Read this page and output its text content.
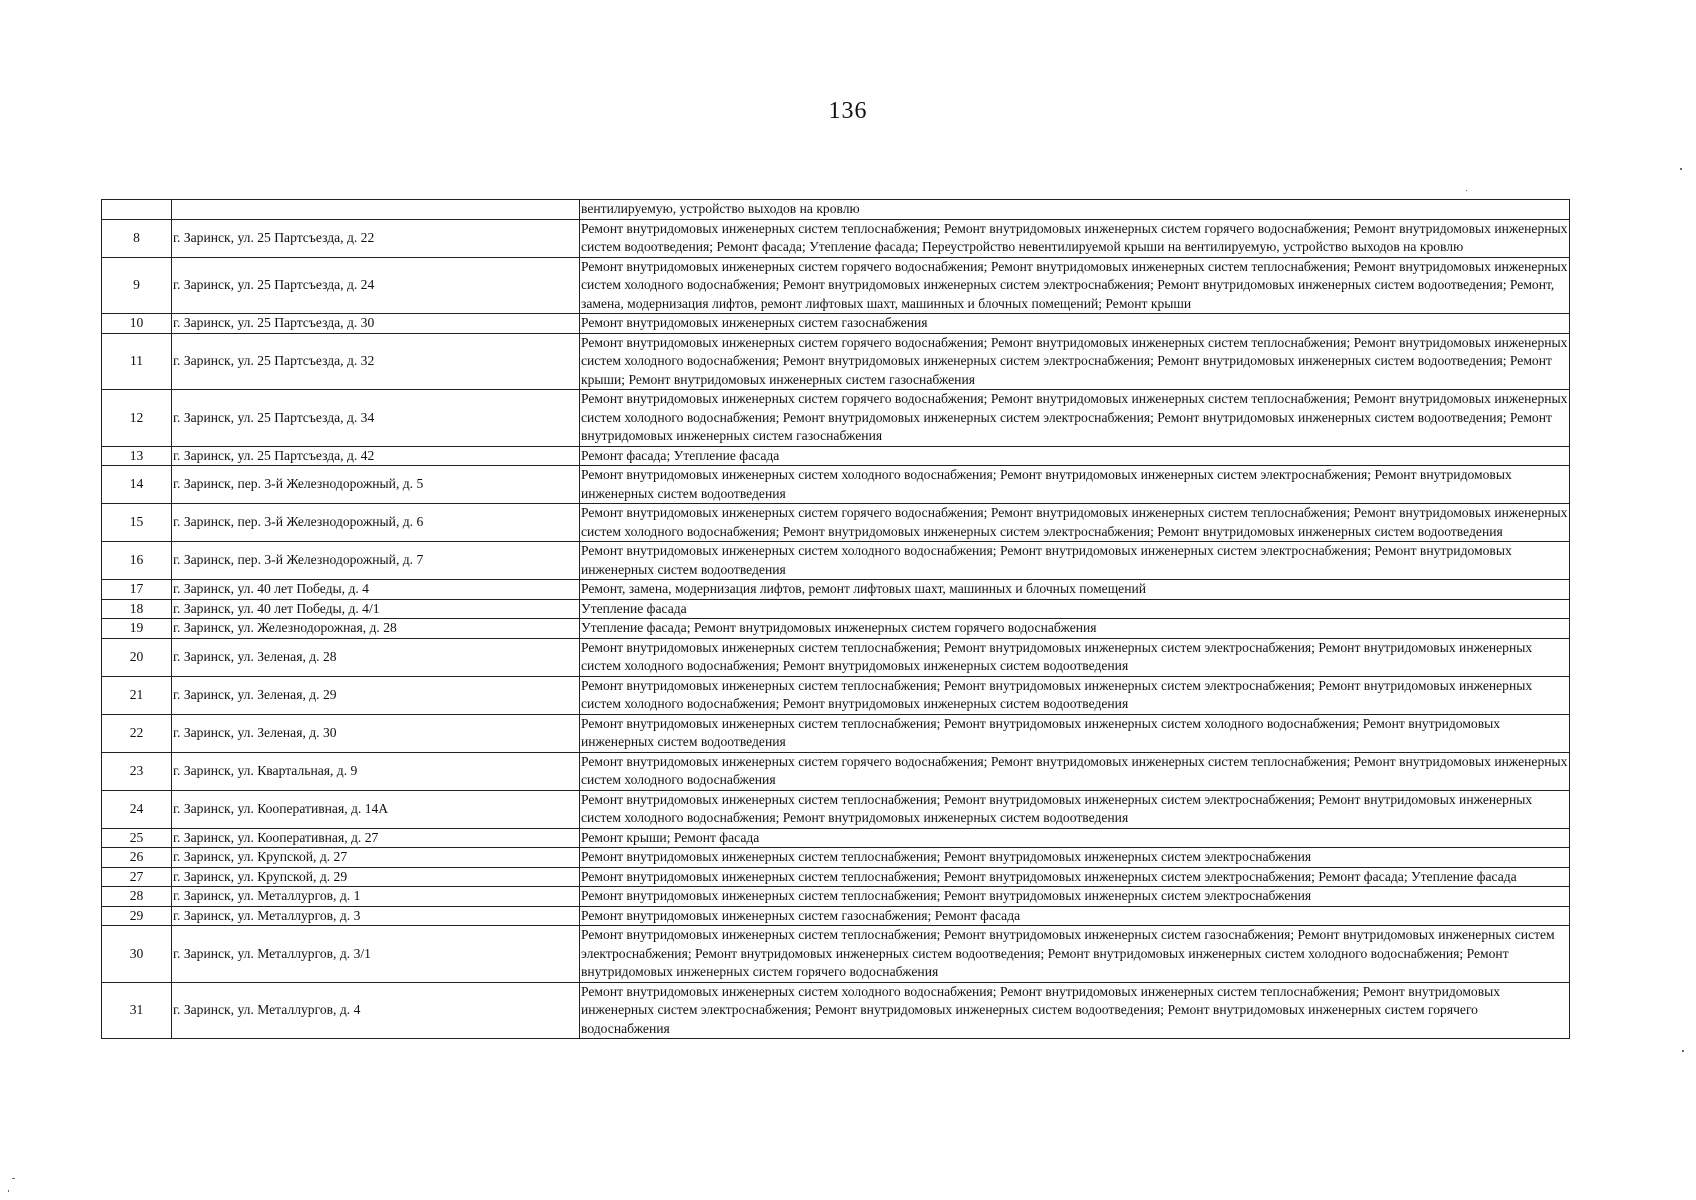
136
		вентилируемую, устройство выходов на кровлю
8	г. Заринск, ул. 25 Партсъезда, д. 22	Ремонт внутридомовых инженерных систем теплоснабжения; Ремонт внутридомовых инженерных систем горячего водоснабжения; Ремонт внутридомовых инженерных систем водоотведения; Ремонт фасада; Утепление фасада; Переустройство невентилируемой крыши на вентилируемую, устройство выходов на кровлю
9	г. Заринск, ул. 25 Партсъезда, д. 24	Ремонт внутридомовых инженерных систем горячего водоснабжения; Ремонт внутридомовых инженерных систем теплоснабжения; Ремонт внутридомовых инженерных систем холодного водоснабжения; Ремонт внутридомовых инженерных систем электроснабжения; Ремонт внутридомовых инженерных систем водоотведения; Ремонт, замена, модернизация лифтов, ремонт лифтовых шахт, машинных и блочных помещений; Ремонт крыши
10	г. Заринск, ул. 25 Партсъезда, д. 30	Ремонт внутридомовых инженерных систем газоснабжения
11	г. Заринск, ул. 25 Партсъезда, д. 32	Ремонт внутридомовых инженерных систем горячего водоснабжения; Ремонт внутридомовых инженерных систем теплоснабжения; Ремонт внутридомовых инженерных систем холодного водоснабжения; Ремонт внутридомовых инженерных систем электроснабжения; Ремонт внутридомовых инженерных систем водоотведения; Ремонт крыши; Ремонт внутридомовых инженерных систем газоснабжения
12	г. Заринск, ул. 25 Партсъезда, д. 34	Ремонт внутридомовых инженерных систем горячего водоснабжения; Ремонт внутридомовых инженерных систем теплоснабжения; Ремонт внутридомовых инженерных систем холодного водоснабжения; Ремонт внутридомовых инженерных систем электроснабжения; Ремонт внутридомовых инженерных систем водоотведения; Ремонт внутридомовых инженерных систем газоснабжения
13	г. Заринск, ул. 25 Партсъезда, д. 42	Ремонт фасада; Утепление фасада
14	г. Заринск, пер. 3-й Железнодорожный, д. 5	Ремонт внутридомовых инженерных систем холодного водоснабжения; Ремонт внутридомовых инженерных систем электроснабжения; Ремонт внутридомовых инженерных систем водоотведения
15	г. Заринск, пер. 3-й Железнодорожный, д. 6	Ремонт внутридомовых инженерных систем горячего водоснабжения; Ремонт внутридомовых инженерных систем теплоснабжения; Ремонт внутридомовых инженерных систем холодного водоснабжения; Ремонт внутридомовых инженерных систем электроснабжения; Ремонт внутридомовых инженерных систем водоотведения
16	г. Заринск, пер. 3-й Железнодорожный, д. 7	Ремонт внутридомовых инженерных систем холодного водоснабжения; Ремонт внутридомовых инженерных систем электроснабжения; Ремонт внутридомовых инженерных систем водоотведения
17	г. Заринск, ул. 40 лет Победы, д. 4	Ремонт, замена, модернизация лифтов, ремонт лифтовых шахт, машинных и блочных помещений
18	г. Заринск, ул. 40 лет Победы, д. 4/1	Утепление фасада
19	г. Заринск, ул. Железнодорожная, д. 28	Утепление фасада; Ремонт внутридомовых инженерных систем горячего водоснабжения
20	г. Заринск, ул. Зеленая, д. 28	Ремонт внутридомовых инженерных систем теплоснабжения; Ремонт внутридомовых инженерных систем электроснабжения; Ремонт внутридомовых инженерных систем холодного водоснабжения; Ремонт внутридомовых инженерных систем водоотведения
21	г. Заринск, ул. Зеленая, д. 29	Ремонт внутридомовых инженерных систем теплоснабжения; Ремонт внутридомовых инженерных систем электроснабжения; Ремонт внутридомовых инженерных систем холодного водоснабжения; Ремонт внутридомовых инженерных систем водоотведения
22	г. Заринск, ул. Зеленая, д. 30	Ремонт внутридомовых инженерных систем теплоснабжения; Ремонт внутридомовых инженерных систем холодного водоснабжения; Ремонт внутридомовых инженерных систем водоотведения
23	г. Заринск, ул. Квартальная, д. 9	Ремонт внутридомовых инженерных систем горячего водоснабжения; Ремонт внутридомовых инженерных систем теплоснабжения; Ремонт внутридомовых инженерных систем холодного водоснабжения
24	г. Заринск, ул. Кооперативная, д. 14А	Ремонт внутридомовых инженерных систем теплоснабжения; Ремонт внутридомовых инженерных систем электроснабжения; Ремонт внутридомовых инженерных систем холодного водоснабжения; Ремонт внутридомовых инженерных систем водоотведения
25	г. Заринск, ул. Кооперативная, д. 27	Ремонт крыши; Ремонт фасада
26	г. Заринск, ул. Крупской, д. 27	Ремонт внутридомовых инженерных систем теплоснабжения; Ремонт внутридомовых инженерных систем электроснабжения
27	г. Заринск, ул. Крупской, д. 29	Ремонт внутридомовых инженерных систем теплоснабжения; Ремонт внутридомовых инженерных систем электроснабжения; Ремонт фасада; Утепление фасада
28	г. Заринск, ул. Металлургов, д. 1	Ремонт внутридомовых инженерных систем теплоснабжения; Ремонт внутридомовых инженерных систем электроснабжения
29	г. Заринск, ул. Металлургов, д. 3	Ремонт внутридомовых инженерных систем газоснабжения; Ремонт фасада
30	г. Заринск, ул. Металлургов, д. 3/1	Ремонт внутридомовых инженерных систем теплоснабжения; Ремонт внутридомовых инженерных систем газоснабжения; Ремонт внутридомовых инженерных систем электроснабжения; Ремонт внутридомовых инженерных систем водоотведения; Ремонт внутридомовых инженерных систем холодного водоснабжения; Ремонт внутридомовых инженерных систем горячего водоснабжения
31	г. Заринск, ул. Металлургов, д. 4	Ремонт внутридомовых инженерных систем холодного водоснабжения; Ремонт внутридомовых инженерных систем теплоснабжения; Ремонт внутридомовых инженерных систем электроснабжения; Ремонт внутридомовых инженерных систем водоотведения; Ремонт внутридомовых инженерных систем горячего водоснабжения
